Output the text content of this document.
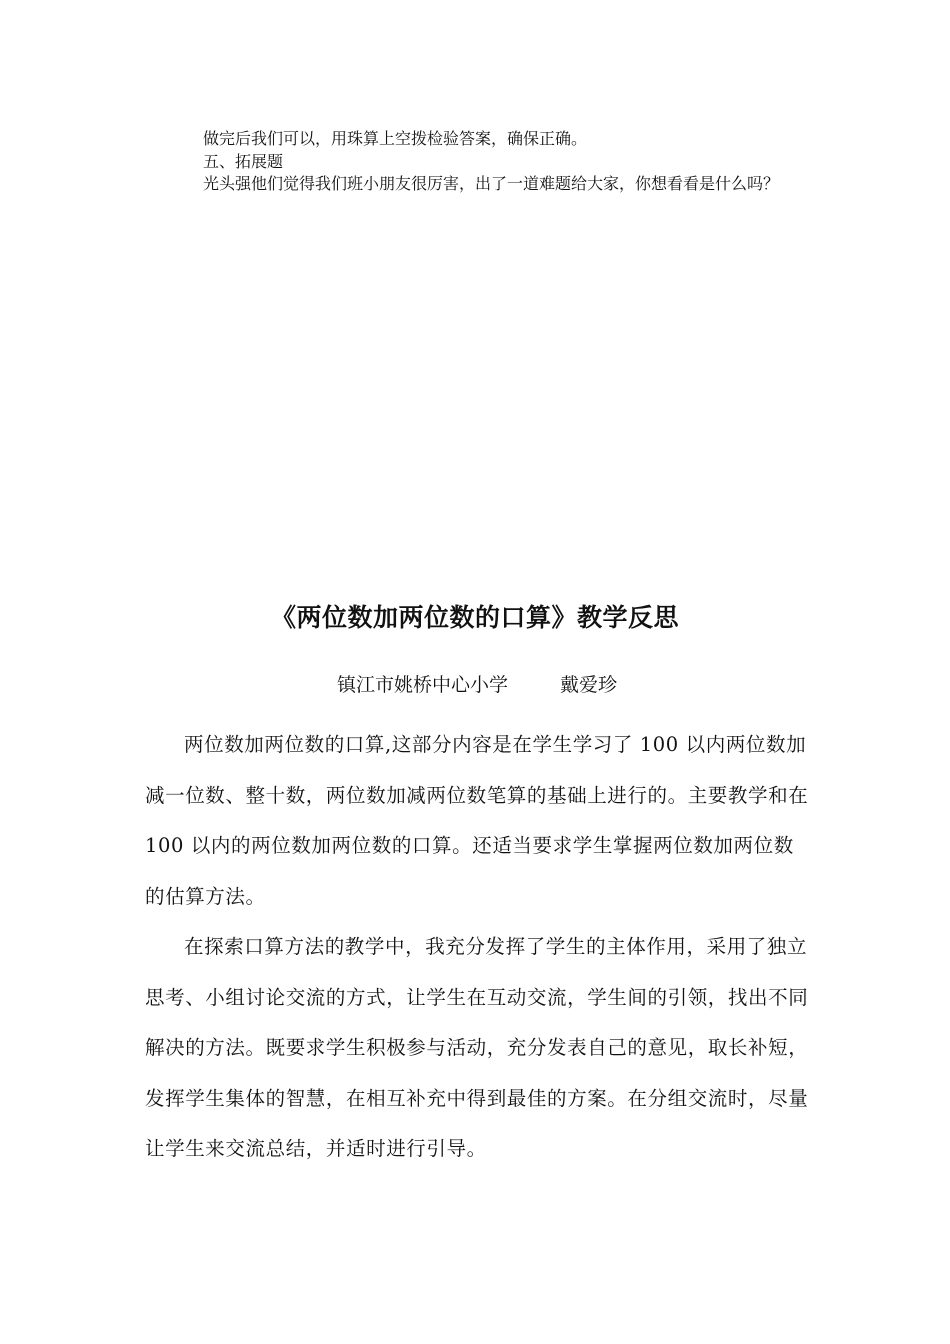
做完后我们可以，用珠算上空拨检验答案，确保正确。

五、拓展题

光头强他们觉得我们班小朋友很厉害，出了一道难题给大家，你想看看是什么吗？

《两位数加两位数的口算》教学反思
镇江市姚桥中心小学	戴爱珍

两位数加两位数的口算,这部分内容是在学生学习了 100 以内两位数加减一位数、整十数，两位数加减两位数笔算的基础上进行的。主要教学和在 100 以内的两位数加两位数的口算。还适当要求学生掌握两位数加两位数的估算方法。

在探索口算方法的教学中，我充分发挥了学生的主体作用，采用了独立思考、小组讨论交流的方式，让学生在互动交流，学生间的引领，找出不同解决的方法。既要求学生积极参与活动，充分发表自己的意见，取长补短，发挥学生集体的智慧，在相互补充中得到最佳的方案。在分组交流时，尽量让学生来交流总结，并适时进行引导。
